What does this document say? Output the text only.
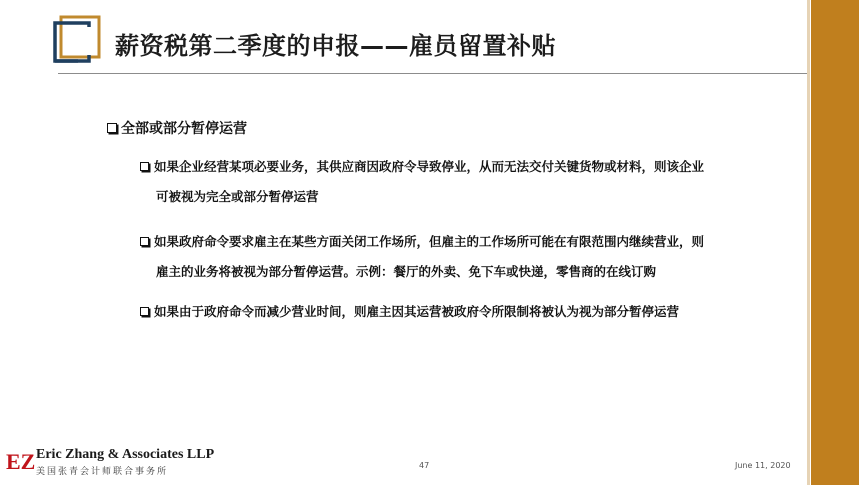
薪资税第二季度的申报——雇员留置补贴
全部或部分暂停运营
如果企业经营某项必要业务，其供应商因政府令导致停业，从而无法交付关键货物或材料，则该企业
可被视为完全或部分暂停运营
如果政府命令要求雇主在某些方面关闭工作场所，但雇主的工作场所可能在有限范围内继续营业，则
雇主的业务将被视为部分暂停运营。示例：餐厅的外卖、免下车或快递，零售商的在线订购
如果由于政府命令而减少营业时间，则雇主因其运营被政府令所限制将被认为视为部分暂停运营
EZ Eric Zhang & Associates LLP
美国张青会计师联合事务所
47	June 11, 2020
